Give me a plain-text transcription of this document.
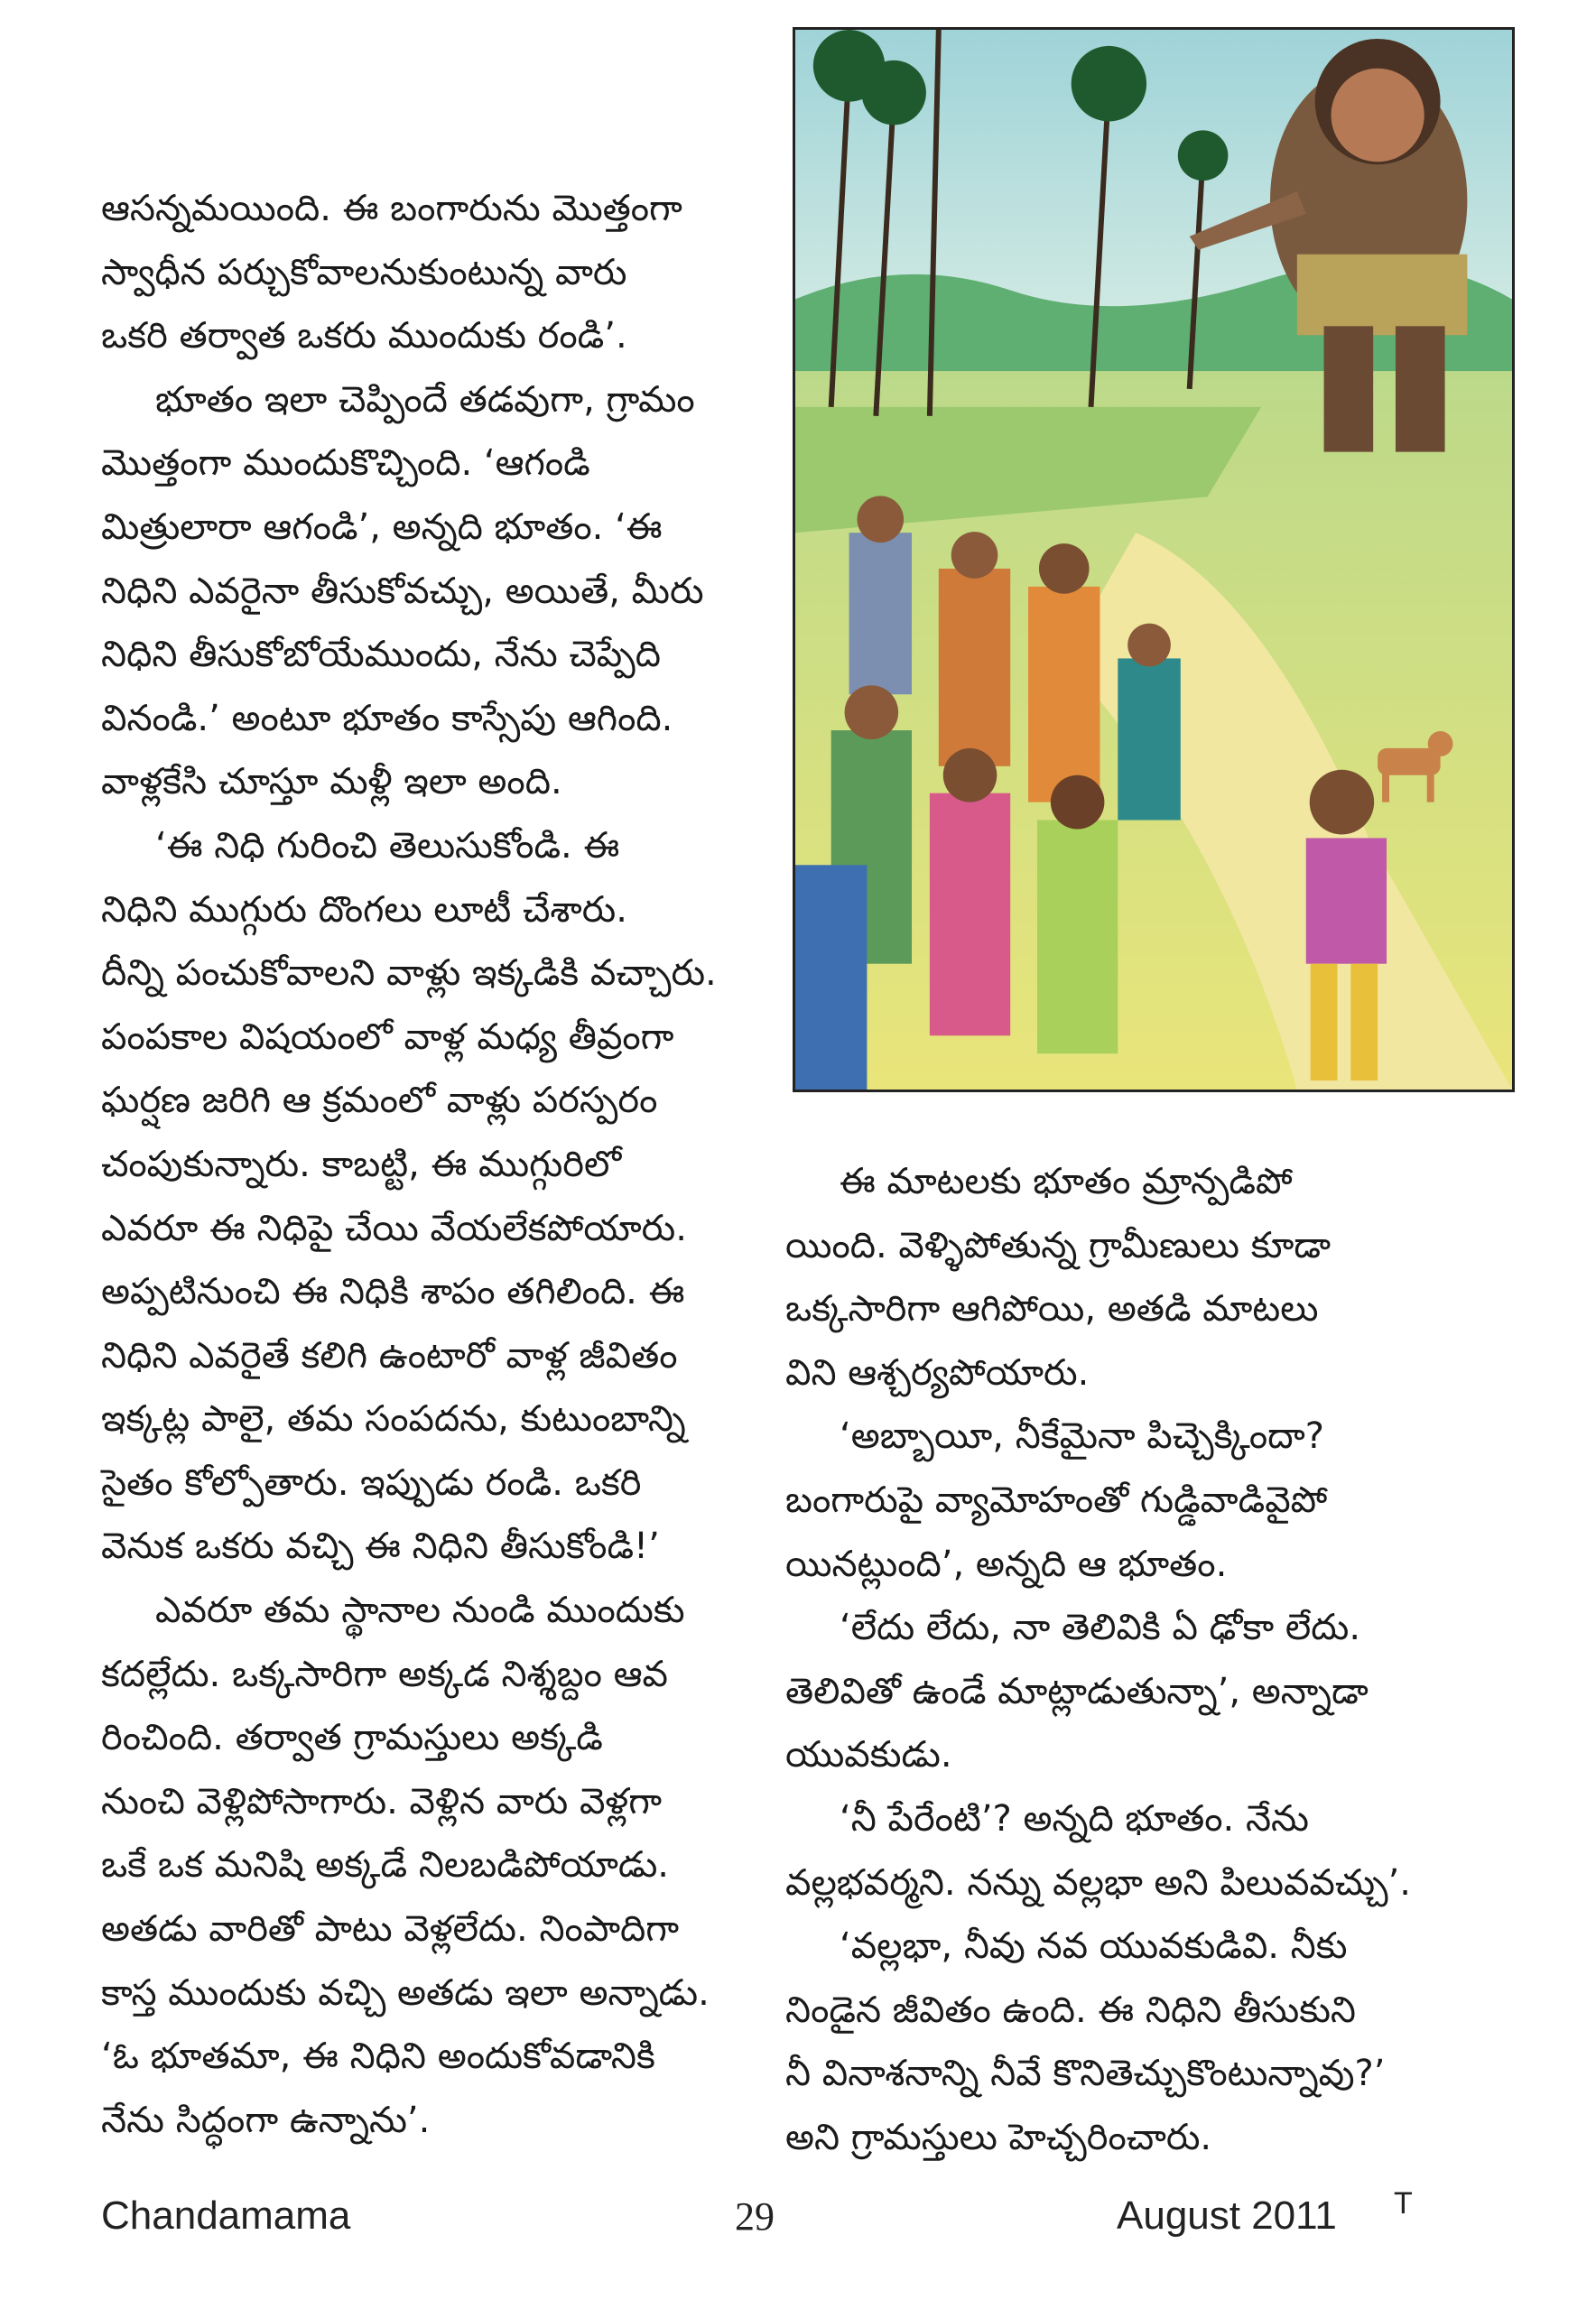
ఆసన్నమయింది. ఈ బంగారును మొత్తంగా
స్వాధీన పర్చుకోవాలనుకుంటున్న వారు
ఒకరి తర్వాత ఒకరు ముందుకు రండి’.

భూతం ఇలా చెప్పిందే తడవుగా, గ్రామం
మొత్తంగా ముందుకొచ్చింది. ‘ఆగండి
మిత్రులారా ఆగండి’, అన్నది భూతం. ‘ఈ
నిధిని ఎవరైనా తీసుకోవచ్చు, అయితే, మీరు
నిధిని తీసుకోబోయేముందు, నేను చెప్పేది
వినండి.’ అంటూ భూతం కాస్సేపు ఆగింది.
వాళ్లకేసి చూస్తూ మళ్లీ ఇలా అంది.

‘ఈ నిధి గురించి తెలుసుకోండి. ఈ
నిధిని ముగ్గురు దొంగలు లూటీ చేశారు.
దీన్ని పంచుకోవాలని వాళ్లు ఇక్కడికి వచ్చారు.
పంపకాల విషయంలో వాళ్ల మధ్య తీవ్రంగా
ఘర్షణ జరిగి ఆ క్రమంలో వాళ్లు పరస్పరం
చంపుకున్నారు. కాబట్టి, ఈ ముగ్గురిలో
ఎవరూ ఈ నిధిపై చేయి వేయలేకపోయారు.
అప్పటినుంచి ఈ నిధికి శాపం తగిలింది. ఈ
నిధిని ఎవరైతే కలిగి ఉంటారో వాళ్ల జీవితం
ఇక్కట్ల పాలై, తమ సంపదను, కుటుంబాన్ని
సైతం కోల్పోతారు. ఇప్పుడు రండి. ఒకరి
వెనుక ఒకరు వచ్చి ఈ నిధిని తీసుకోండి!’

ఎవరూ తమ స్థానాల నుండి ముందుకు
కదల్లేదు. ఒక్కసారిగా అక్కడ నిశ్శబ్దం ఆవ
రించింది. తర్వాత గ్రామస్తులు అక్కడి
నుంచి వెళ్లిపోసాగారు. వెళ్లిన వారు వెళ్లగా
ఒకే ఒక మనిషి అక్కడే నిలబడిపోయాడు.
అతడు వారితో పాటు వెళ్లలేదు. నింపాదిగా
కాస్త ముందుకు వచ్చి అతడు ఇలా అన్నాడు.
‘ఓ భూతమా, ఈ నిధిని అందుకోవడానికి
నేను సిద్ధంగా ఉన్నాను’.

ఈ మాటలకు భూతం మ్రాన్పడిపో
యింది. వెళ్ళిపోతున్న గ్రామీణులు కూడా
ఒక్కసారిగా ఆగిపోయి, అతడి మాటలు
విని ఆశ్చర్యపోయారు.

‘అబ్బాయీ, నీకేమైనా పిచ్చెక్కిందా?
బంగారుపై వ్యామోహంతో గుడ్డివాడివైపో
యినట్లుంది’, అన్నది ఆ భూతం.

‘లేదు లేదు, నా తెలివికి ఏ ఢోకా లేదు.
తెలివితో ఉండే మాట్లాడుతున్నా’, అన్నాడా
యువకుడు.

‘నీ పేరేంటి’? అన్నది భూతం. నేను
వల్లభవర్మని. నన్ను వల్లభా అని పిలువవచ్చు’.

‘వల్లభా, నీవు నవ యువకుడివి. నీకు
నిండైన జీవితం ఉంది. ఈ నిధిని తీసుకుని
నీ వినాశనాన్ని నీవే కొనితెచ్చుకొంటున్నావు?’
అని గ్రామస్తులు హెచ్చరించారు.

Chandamama	29	August 2011 T
